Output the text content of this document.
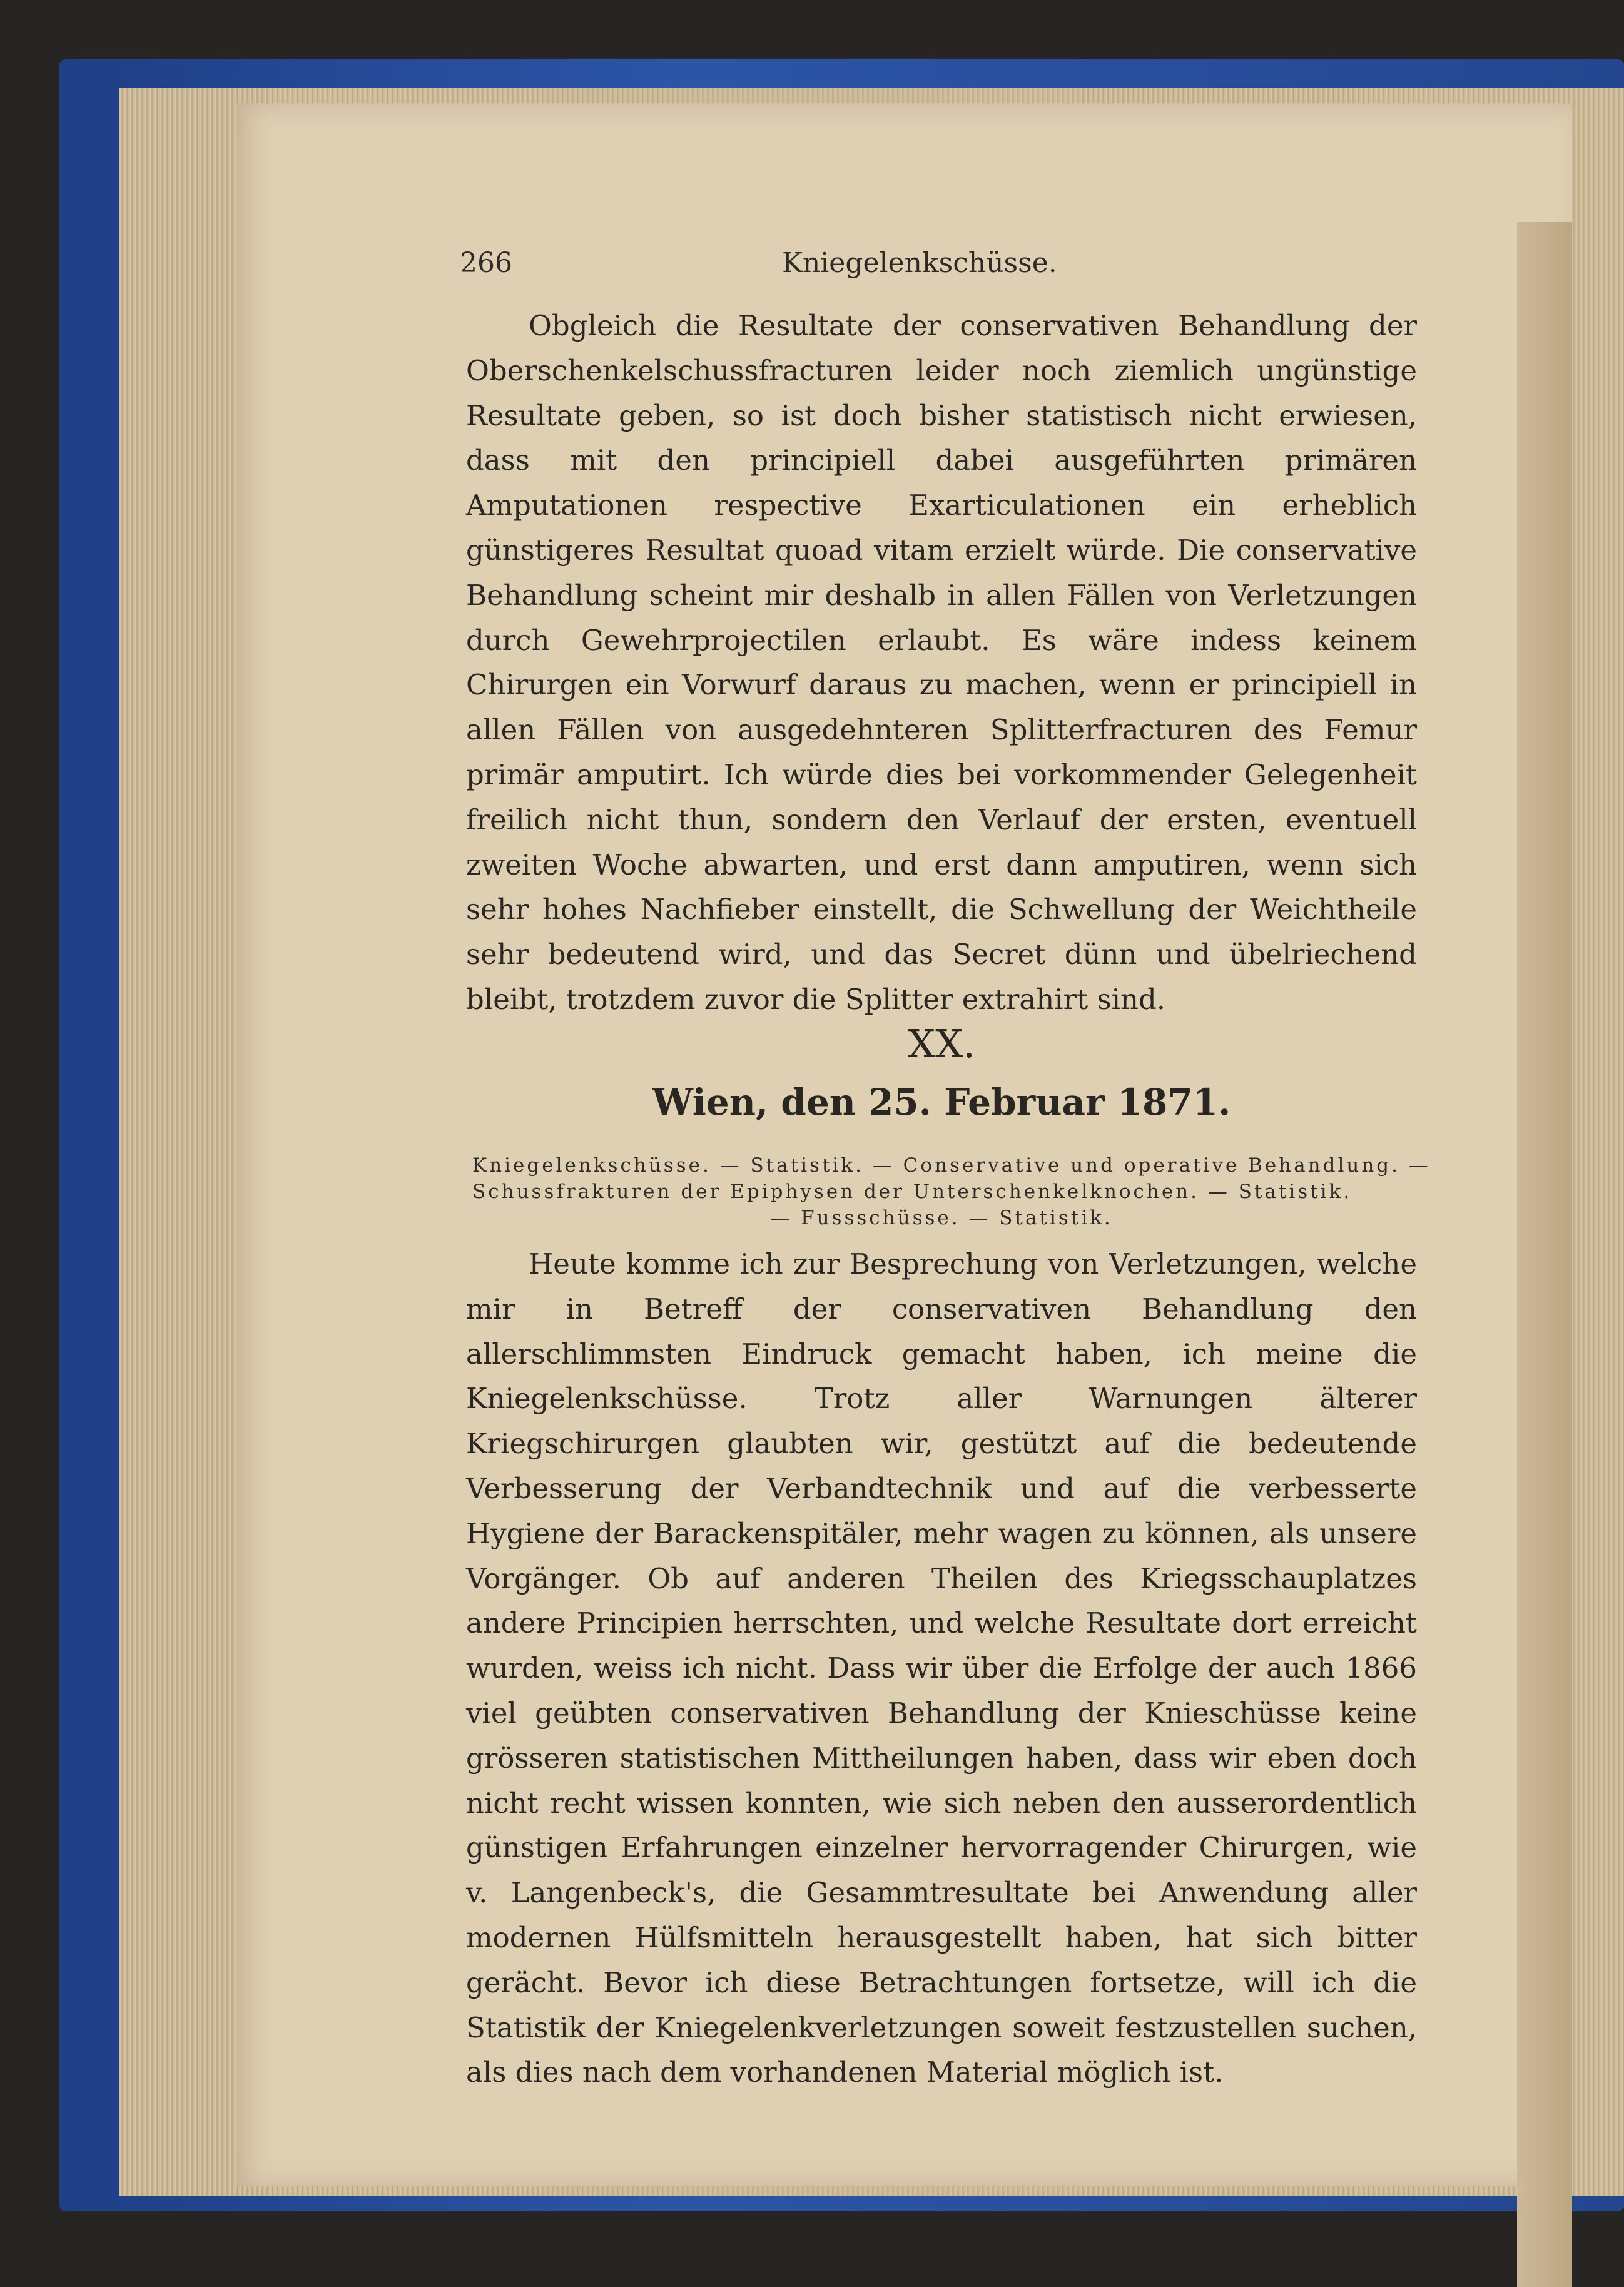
266	Kniegelenkschüsse.

Obgleich die Resultate der conservativen Behandlung der Oberschenkelschussfracturen leider noch ziemlich ungünstige Resultate geben, so ist doch bisher statistisch nicht erwiesen, dass mit den principiell dabei ausgeführten primären Amputationen respective Exarticulationen ein erheblich günstigeres Resultat quoad vitam erzielt würde. Die conservative Behandlung scheint mir deshalb in allen Fällen von Verletzungen durch Gewehrprojectilen erlaubt. Es wäre indess keinem Chirurgen ein Vorwurf daraus zu machen, wenn er principiell in allen Fällen von ausgedehnteren Splitterfracturen des Femur primär amputirt. Ich würde dies bei vorkommender Gelegenheit freilich nicht thun, sondern den Verlauf der ersten, eventuell zweiten Woche abwarten, und erst dann amputiren, wenn sich sehr hohes Nachfieber einstellt, die Schwellung der Weichtheile sehr bedeutend wird, und das Secret dünn und übelriechend bleibt, trotzdem zuvor die Splitter extrahirt sind.

XX.
Wien, den 25. Februar 1871.
Kniegelenkschüsse. — Statistik. — Conservative und operative Behandlung. —
Schussfrakturen der Epiphysen der Unterschenkelknochen. — Statistik.
— Fussschüsse. — Statistik.

Heute komme ich zur Besprechung von Verletzungen, welche mir in Betreff der conservativen Behandlung den allerschlimmsten Eindruck gemacht haben, ich meine die Kniegelenkschüsse. Trotz aller Warnungen älterer Kriegschirurgen glaubten wir, gestützt auf die bedeutende Verbesserung der Verbandtechnik und auf die verbesserte Hygiene der Barackenspitäler, mehr wagen zu können, als unsere Vorgänger. Ob auf anderen Theilen des Kriegsschauplatzes andere Principien herrschten, und welche Resultate dort erreicht wurden, weiss ich nicht. Dass wir über die Erfolge der auch 1866 viel geübten conservativen Behandlung der Knieschüsse keine grösseren statistischen Mittheilungen haben, dass wir eben doch nicht recht wissen konnten, wie sich neben den ausserordentlich günstigen Erfahrungen einzelner hervorragender Chirurgen, wie v. Langenbeck's, die Gesammtresultate bei Anwendung aller modernen Hülfsmitteln herausgestellt haben, hat sich bitter gerächt. Bevor ich diese Betrachtungen fortsetze, will ich die Statistik der Kniegelenkverletzungen soweit festzustellen suchen, als dies nach dem vorhandenen Material möglich ist.
